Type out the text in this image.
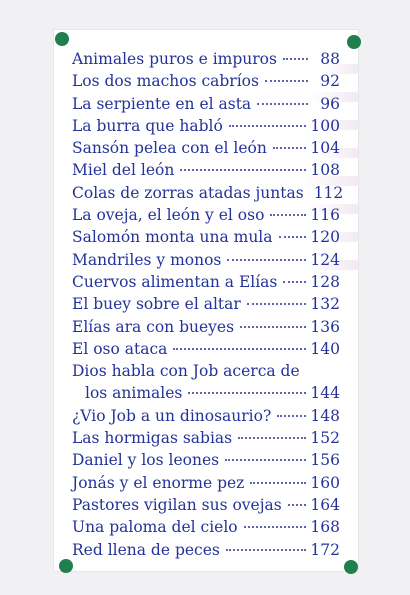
Animales puros e impuros	88
Los dos machos cabríos	92
La serpiente en el asta	96
La burra que habló	100
Sansón pelea con el león	104
Miel del león	108
Colas de zorras atadas juntas 112
La oveja, el león y el oso	116
Salomón monta una mula 120
Mandriles y monos	124
Cuervos alimentan a Elías 128
El buey sobre el altar	132
Elías ara con bueyes	136
El oso ataca	140
Dios habla con Job acerca de
los animales	144
¿Vio Job a un dinosaurio?	148
Las hormigas sabias	152
Daniel y los leones	156
Jonás y el enorme pez	160
Pastores vigilan sus ovejas 164
Una paloma del cielo	168
Red llena de peces	172
